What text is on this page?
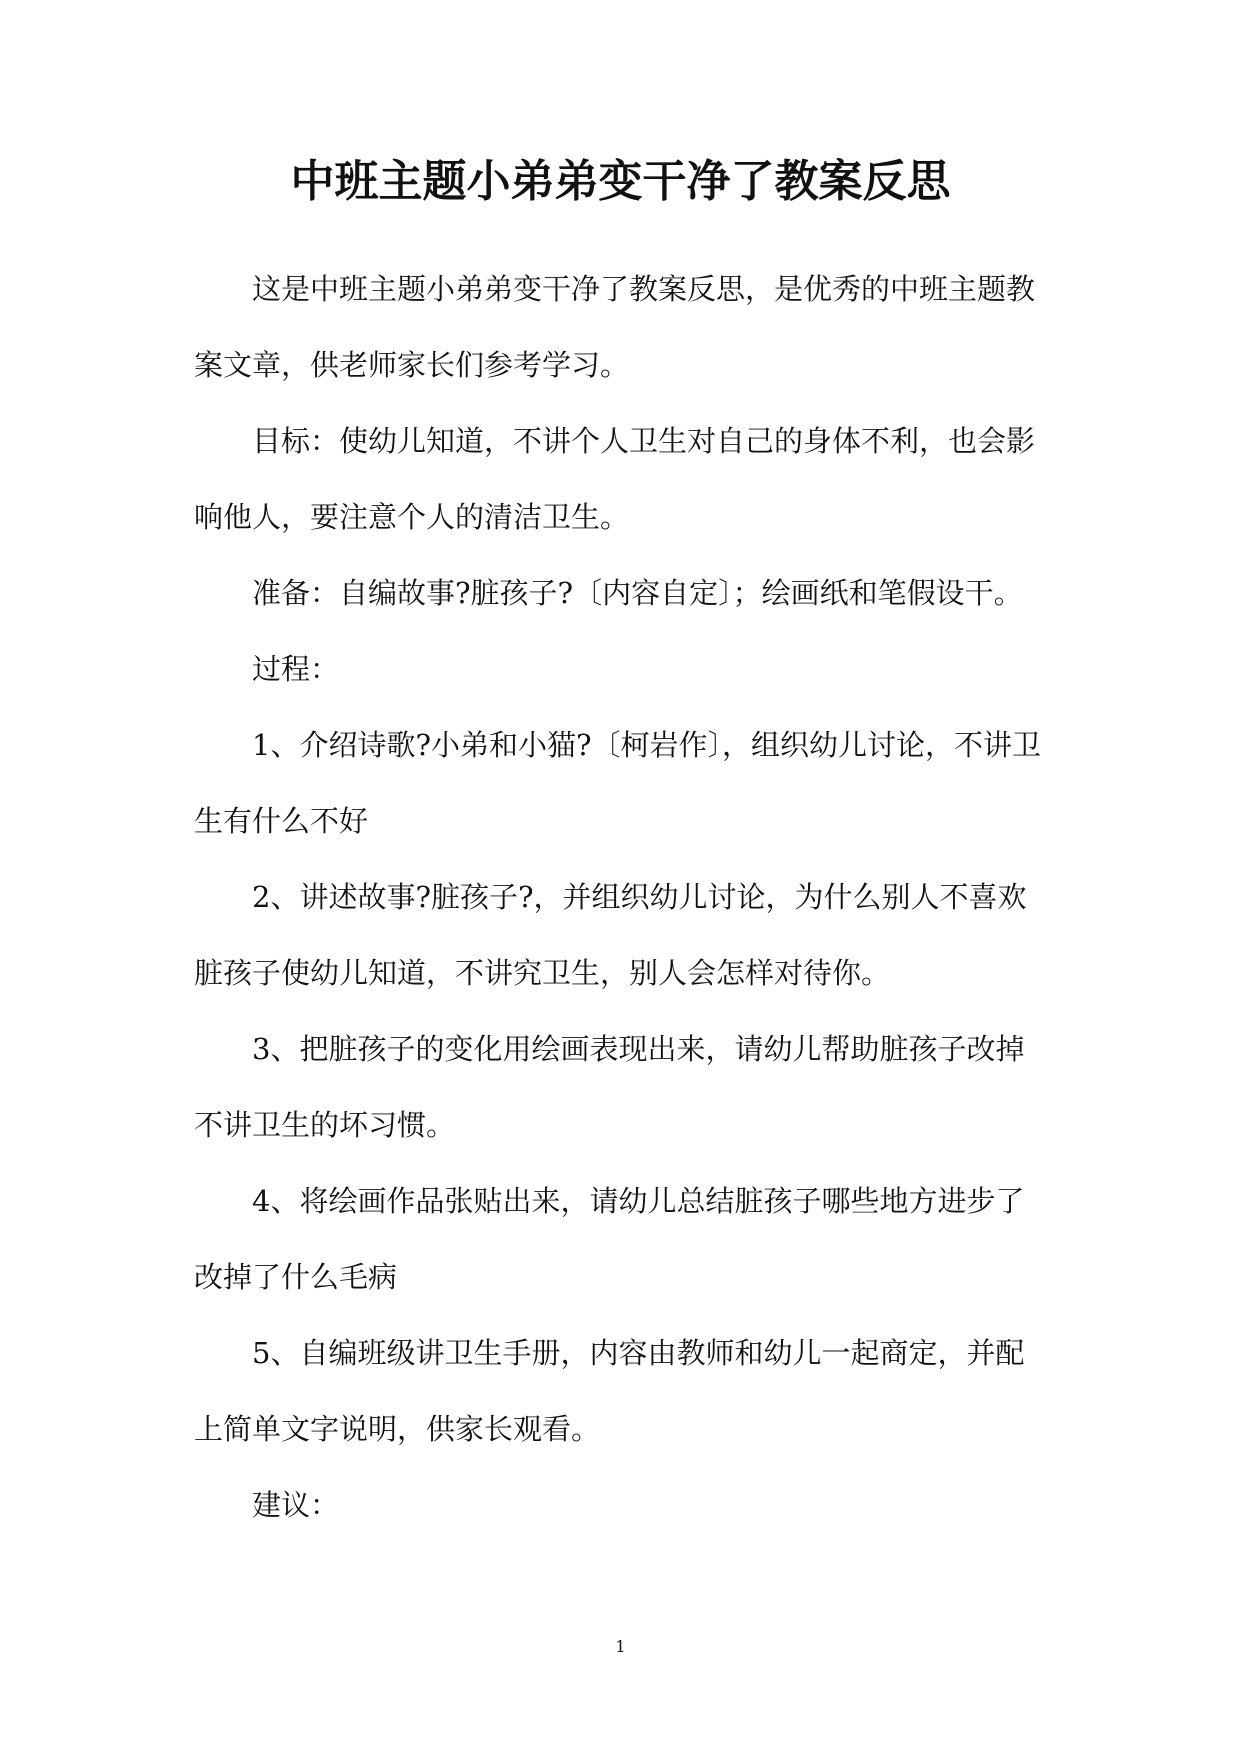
中班主题小弟弟变干净了教案反思

这是中班主题小弟弟变干净了教案反思，是优秀的中班主题教案文章，供老师家长们参考学习。

目标：使幼儿知道，不讲个人卫生对自己的身体不利，也会影响他人，要注意个人的清洁卫生。

准备：自编故事?脏孩子?〔内容自定〕；绘画纸和笔假设干。

过程：

1、介绍诗歌?小弟和小猫?〔柯岩作〕，组织幼儿讨论，不讲卫生有什么不好

2、讲述故事?脏孩子?，并组织幼儿讨论，为什么别人不喜欢脏孩子使幼儿知道，不讲究卫生，别人会怎样对待你。

3、把脏孩子的变化用绘画表现出来，请幼儿帮助脏孩子改掉不讲卫生的坏习惯。

4、将绘画作品张贴出来，请幼儿总结脏孩子哪些地方进步了改掉了什么毛病

5、自编班级讲卫生手册，内容由教师和幼儿一起商定，并配上简单文字说明，供家长观看。

建议：

1
